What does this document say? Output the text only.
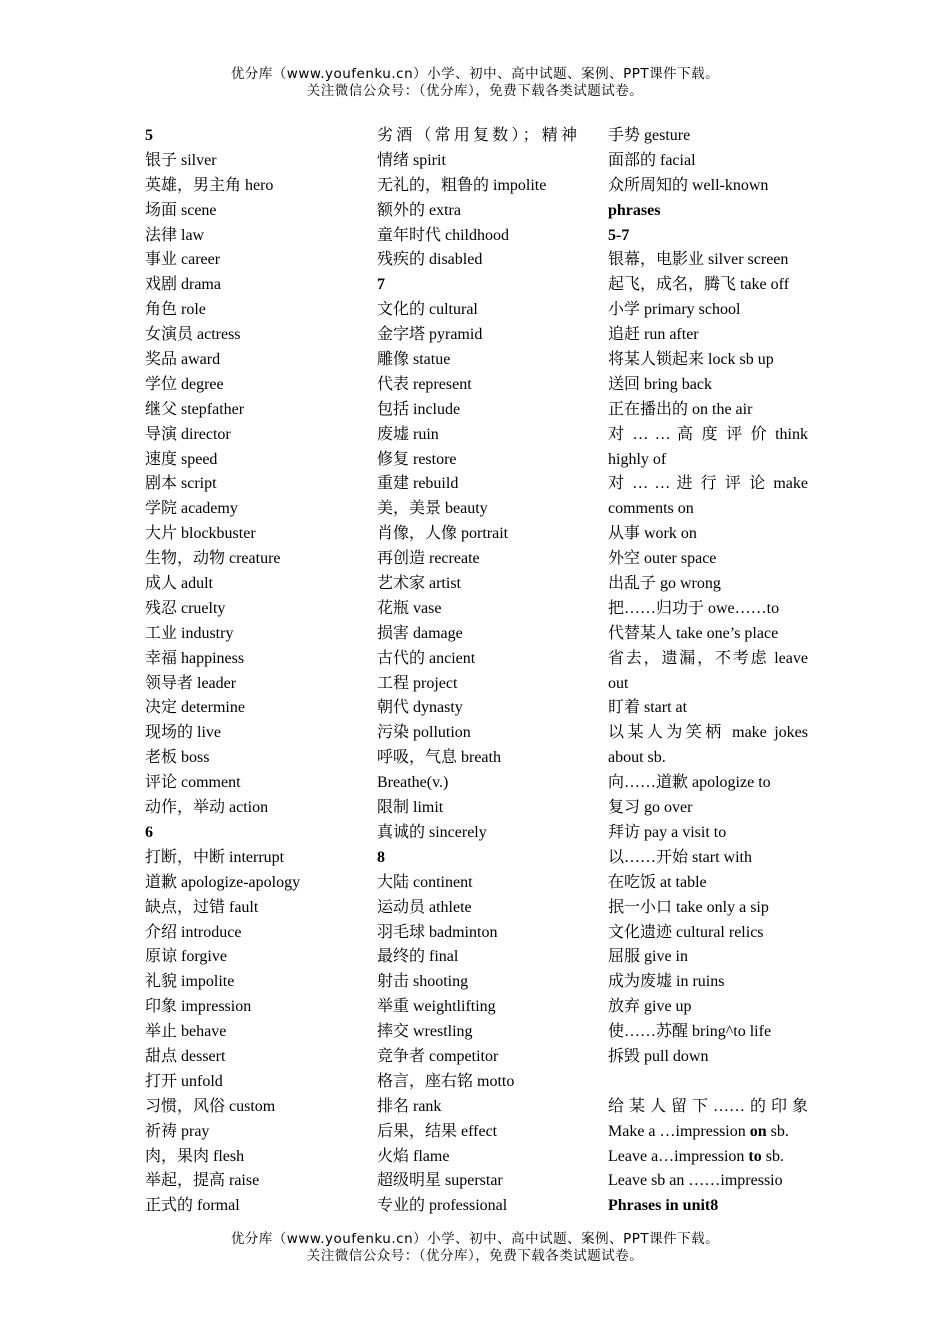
优分库（www.youfenku.cn）小学、初中、高中试题、案例、PPT课件下载。
关注微信公众号：（优分库），免费下载各类试题试卷。
5
银子 silver
英雄，男主角 hero
场面 scene
法律 law
事业 career
戏剧 drama
角色 role
女演员 actress
奖品 award
学位 degree
继父 stepfather
导演 director
速度 speed
剧本 script
学院 academy
大片 blockbuster
生物，动物 creature
成人 adult
残忍 cruelty
工业 industry
幸福 happiness
领导者 leader
决定 determine
现场的 live
老板 boss
评论 comment
动作，举动 action
6
打断，中断 interrupt
道歉 apologize-apology
缺点，过错 fault
介绍 introduce
原谅 forgive
礼貌 impolite
印象 impression
举止 behave
甜点 dessert
打开 unfold
习惯，风俗 custom
祈祷 pray
肉，果肉 flesh
举起，提高 raise
正式的 formal
劣酒（常用复数）；精神
情绪 spirit
无礼的，粗鲁的 impolite
额外的 extra
童年时代 childhood
残疾的 disabled
7
文化的 cultural
金字塔 pyramid
雕像 statue
代表 represent
包括 include
废墟 ruin
修复 restore
重建 rebuild
美，美景 beauty
肖像，人像 portrait
再创造 recreate
艺术家 artist
花瓶 vase
损害 damage
古代的 ancient
工程 project
朝代 dynasty
污染 pollution
呼吸，气息 breath
Breathe(v.)
限制 limit
真诚的 sincerely
8
大陆 continent
运动员 athlete
羽毛球 badminton
最终的 final
射击 shooting
举重 weightlifting
摔交 wrestling
竞争者 competitor
格言，座右铭 motto
排名 rank
后果，结果 effect
火焰 flame
超级明星 superstar
专业的 professional
手势 gesture
面部的 facial
众所周知的 well-known
phrases
5-7
银幕，电影业 silver screen
起飞，成名，腾飞 take off
小学 primary school
追赶 run after
将某人锁起来 lock sb up
送回 bring back
正在播出的 on the air
对 … … 高 度 评 价 think
highly of
对 … … 进 行 评 论 make
comments on
从事 work on
外空 outer space
出乱子 go wrong
把……归功于 owe……to
代替某人 take one’s place
省去，遗漏，不考虑 leave
out
盯着 start at
以某人为笑柄 make jokes
about sb.
向……道歉 apologize to
复习 go over
拜访 pay a visit to
以……开始 start with
在吃饭 at table
抿一小口 take only a sip
文化遗迹 cultural relics
屈服 give in
成为废墟 in ruins
放弃 give up
使……苏醒 bring^to life
拆毁 pull down
给某人留下……的印象
Make a …impression on sb.
Leave a…impression to sb.
Leave sb an ……impressio
Phrases in unit8
优分库（www.youfenku.cn）小学、初中、高中试题、案例、PPT课件下载。
关注微信公众号：（优分库），免费下载各类试题试卷。
